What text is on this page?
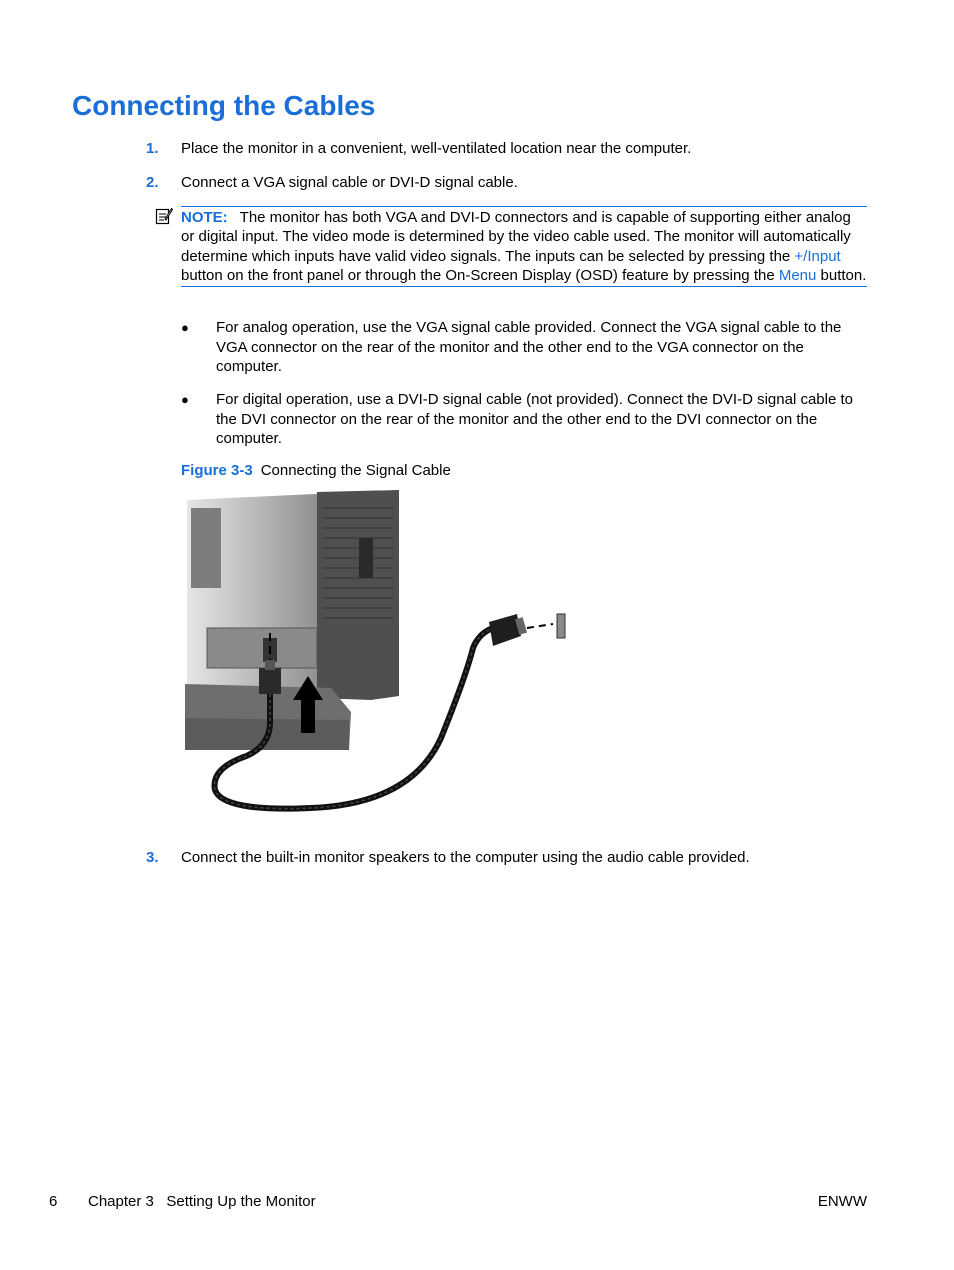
Connecting the Cables
1. Place the monitor in a convenient, well-ventilated location near the computer.
2. Connect a VGA signal cable or DVI-D signal cable.
NOTE: The monitor has both VGA and DVI-D connectors and is capable of supporting either analog or digital input. The video mode is determined by the video cable used. The monitor will automatically determine which inputs have valid video signals. The inputs can be selected by pressing the +/Input button on the front panel or through the On-Screen Display (OSD) feature by pressing the Menu button.
● For analog operation, use the VGA signal cable provided. Connect the VGA signal cable to the VGA connector on the rear of the monitor and the other end to the VGA connector on the computer.
● For digital operation, use a DVI-D signal cable (not provided). Connect the DVI-D signal cable to the DVI connector on the rear of the monitor and the other end to the DVI connector on the computer.
Figure 3-3 Connecting the Signal Cable
3. Connect the built-in monitor speakers to the computer using the audio cable provided.
6 Chapter 3   Setting Up the Monitor	ENWW
